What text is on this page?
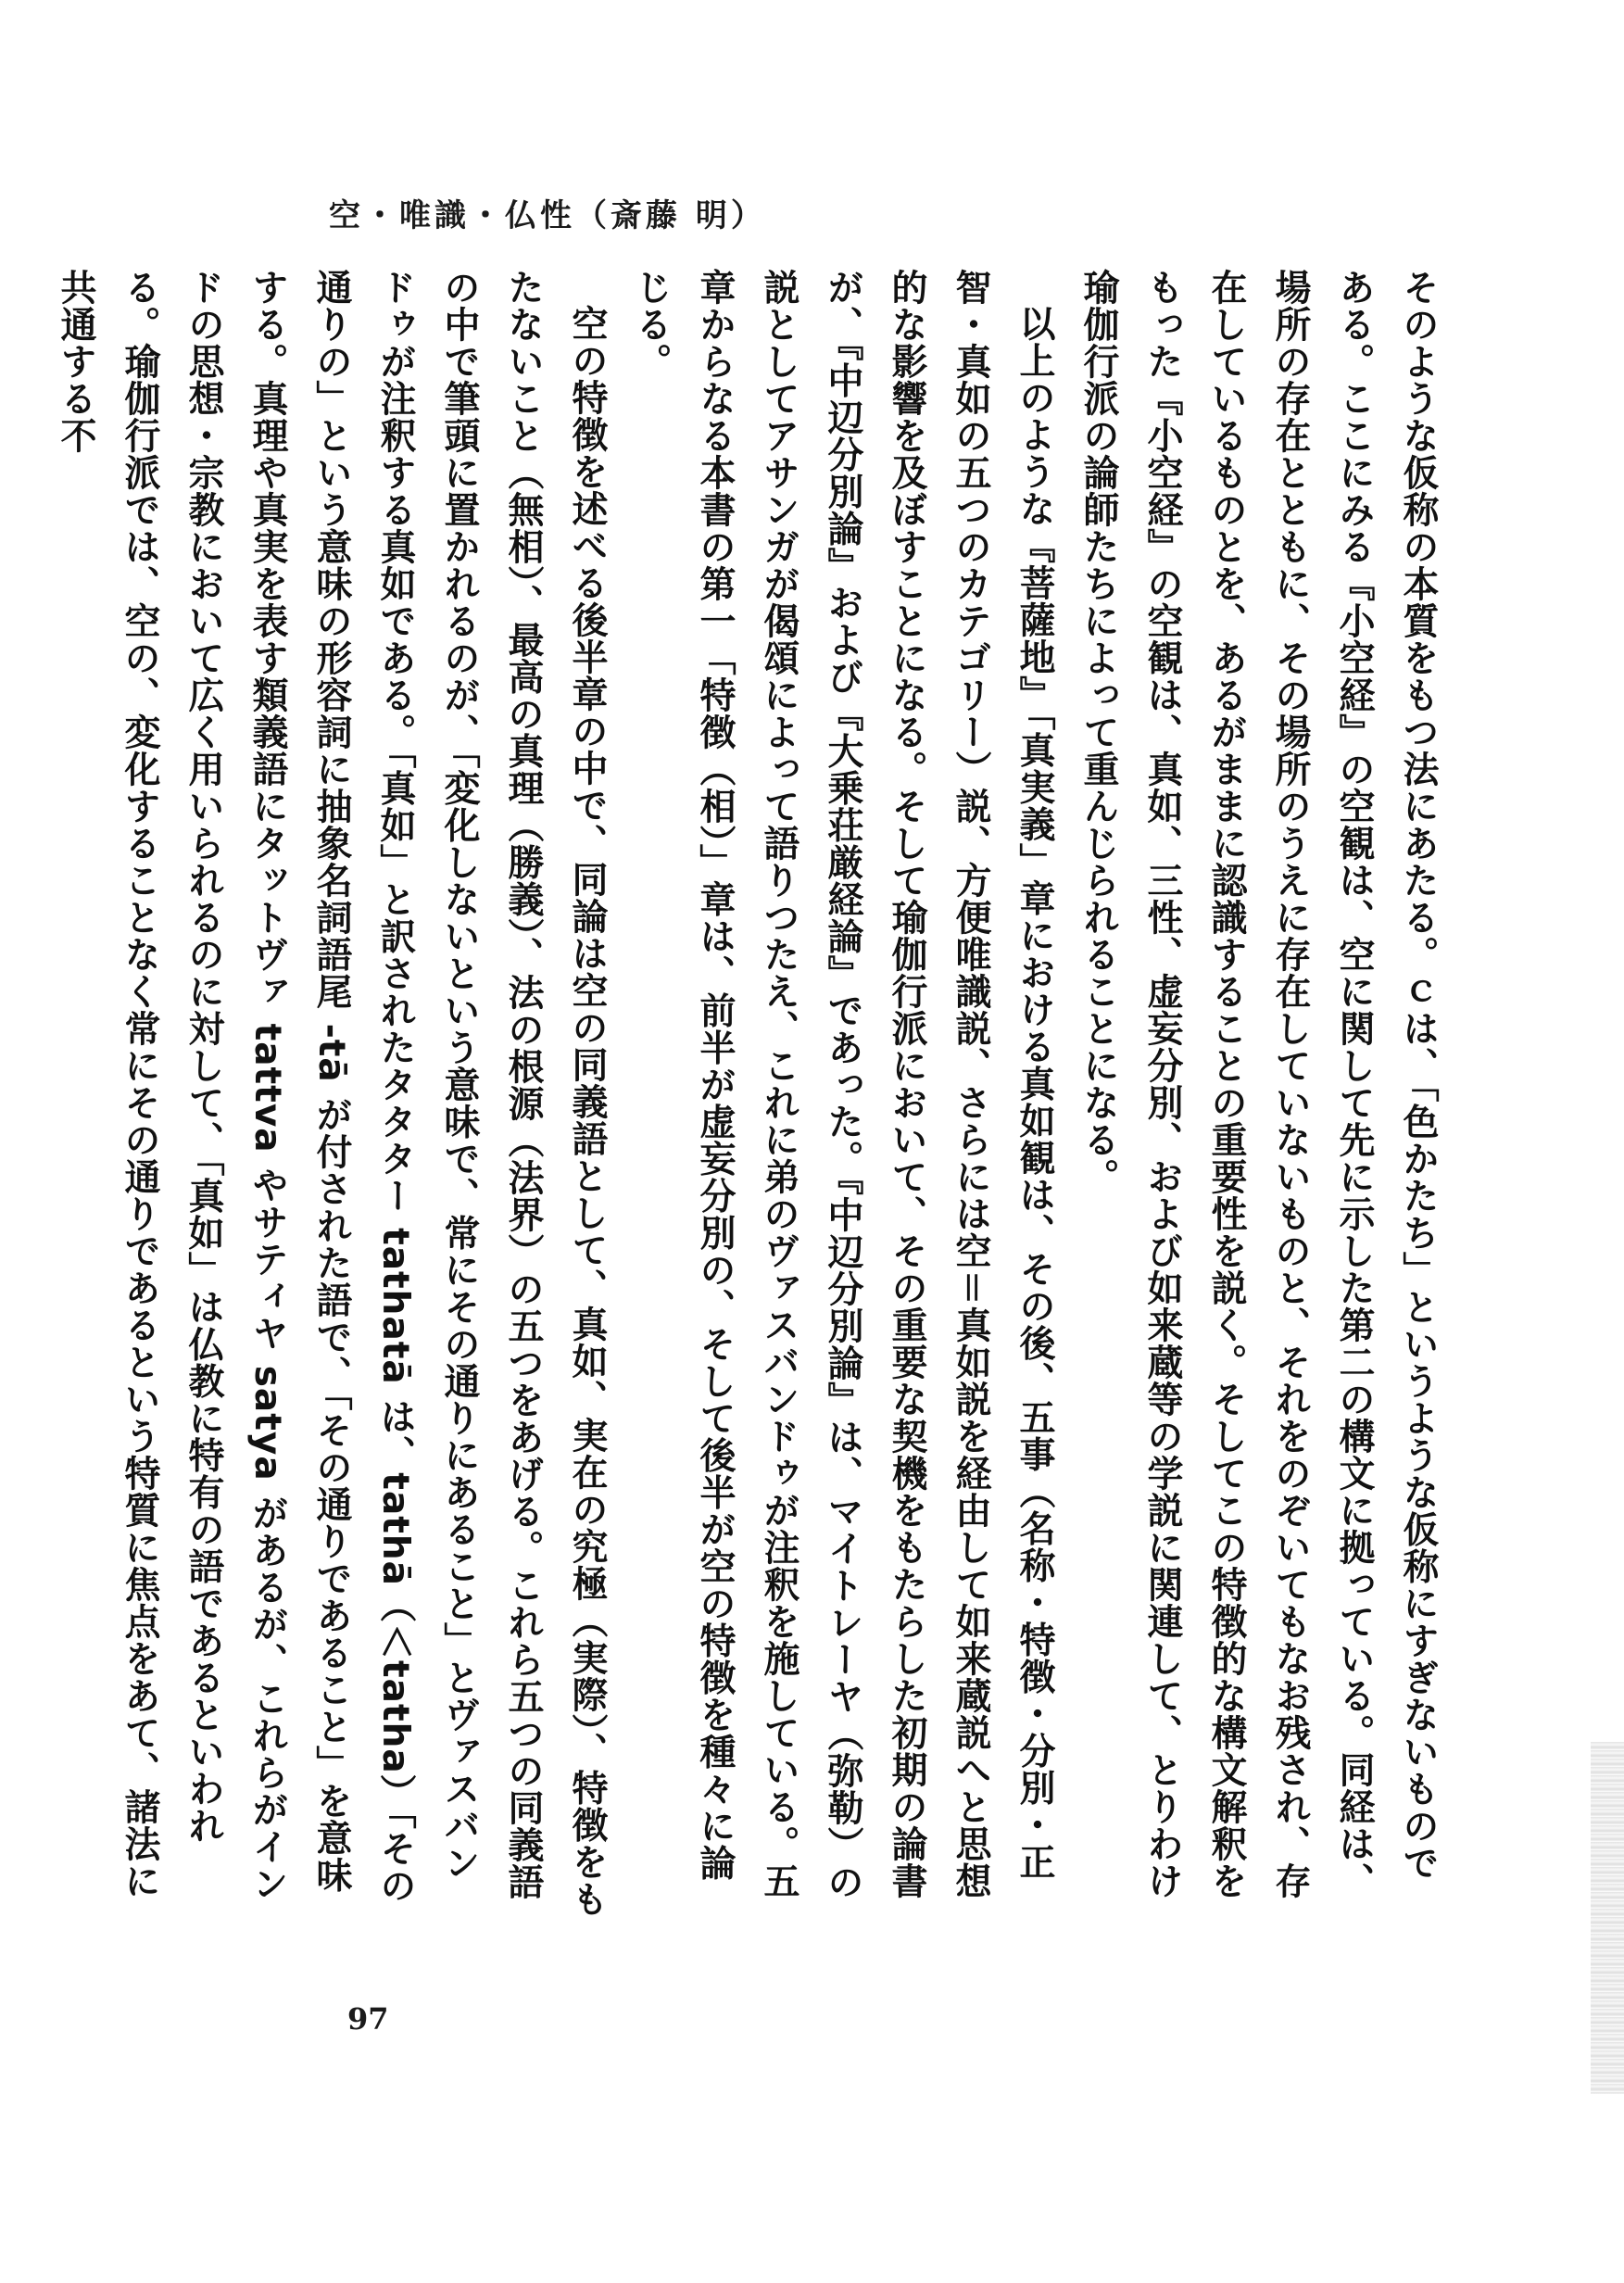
空・唯識・仏性（斎藤 明）

そのような仮称の本質をもつ法にあたる。ｃは、「色かたち」というような仮称にすぎないものである。ここにみる『小空経』の空観は、空に関して先に示した第二の構文に拠っている。同経は、場所の存在とともに、その場所のうえに存在していないものと、それをのぞいてもなお残され、存在しているものとを、あるがままに認識することの重要性を説く。そしてこの特徴的な構文解釈をもった『小空経』の空観は、真如、三性、虚妄分別、および如来蔵等の学説に関連して、とりわけ瑜伽行派の論師たちによって重んじられることになる。

以上のような『菩薩地』「真実義」章における真如観は、その後、五事（名称・特徴・分別・正智・真如の五つのカテゴリー）説、方便唯識説、さらには空＝真如説を経由して如来蔵説へと思想的な影響を及ぼすことになる。そして瑜伽行派において、その重要な契機をもたらした初期の論書が、『中辺分別論』および『大乗荘厳経論』であった。『中辺分別論』は、マイトレーヤ（弥勒）の説としてアサンガが偈頌によって語りつたえ、これに弟のヴァスバンドゥが注釈を施している。五章からなる本書の第一「特徴（相）」章は、前半が虚妄分別の、そして後半が空の特徴を種々に論じる。

空の特徴を述べる後半章の中で、同論は空の同義語として、真如、実在の究極（実際）、特徴をもたないこと（無相）、最高の真理（勝義）、法の根源（法界）の五つをあげる。これら五つの同義語の中で筆頭に置かれるのが、「変化しないという意味で、常にその通りにあること」とヴァスバンドゥが注釈する真如である。「真如」と訳されたタタター tathatā は、tathā（＜tatha）「その通りの」という意味の形容詞に抽象名詞語尾 -tā が付された語で、「その通りであること」を意味する。真理や真実を表す類義語にタットヴァ tattva やサティヤ satya があるが、これらがインドの思想・宗教において広く用いられるのに対して、「真如」は仏教に特有の語であるといわれる。瑜伽行派では、空の、変化することなく常にその通りであるという特質に焦点をあて、諸法に共通する不

97
